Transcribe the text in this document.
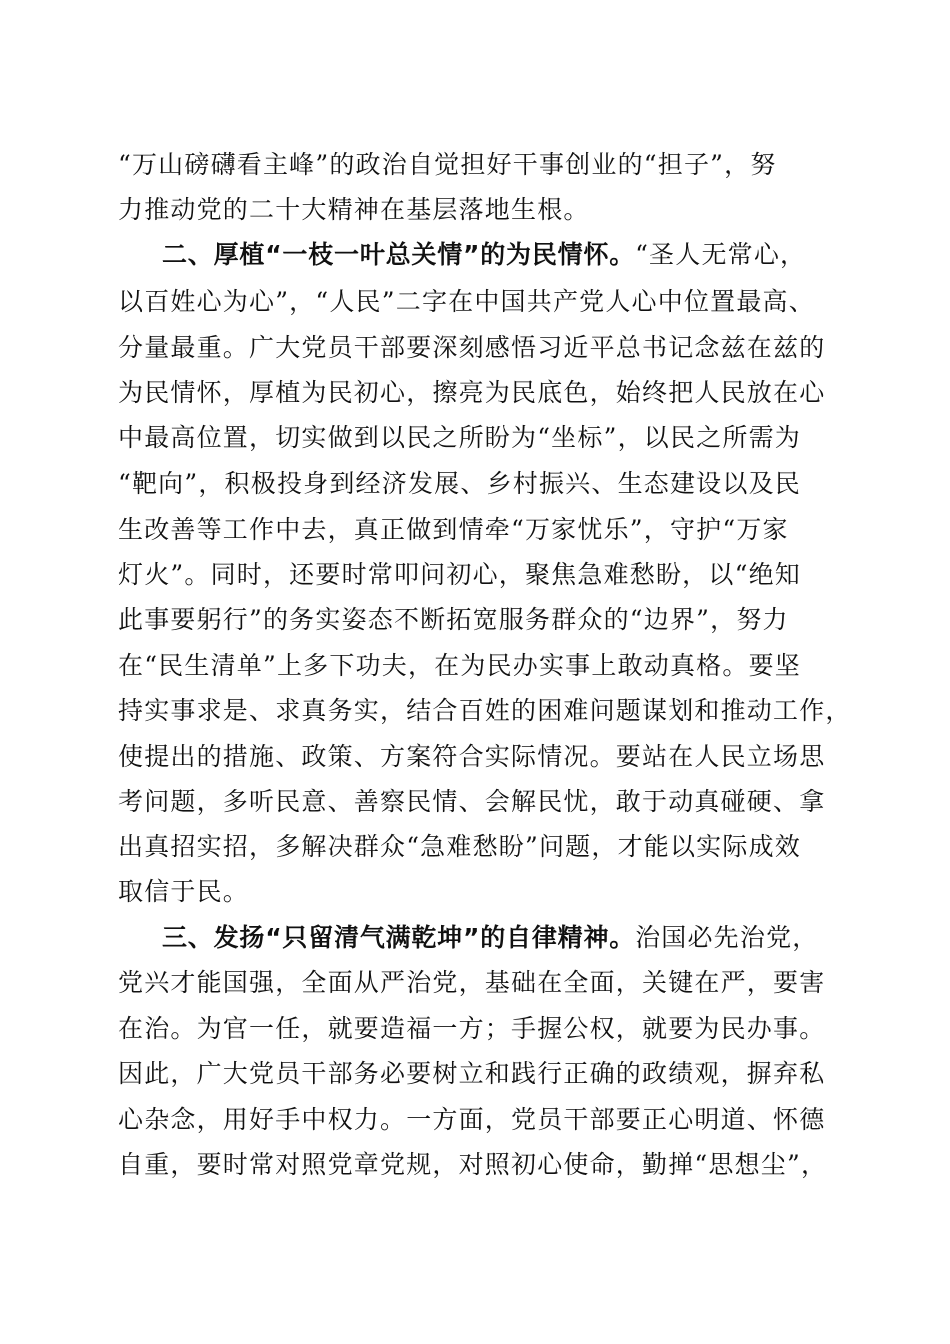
“万山磅礴看主峰”的政治自觉担好干事创业的“担子”，努
力推动党的二十大精神在基层落地生根。
二、厚植“一枝一叶总关情”的为民情怀。“圣人无常心，
以百姓心为心”，“人民”二字在中国共产党人心中位置最高、
分量最重。广大党员干部要深刻感悟习近平总书记念兹在兹的
为民情怀，厚植为民初心，擦亮为民底色，始终把人民放在心
中最高位置，切实做到以民之所盼为“坐标”，以民之所需为
“靶向”，积极投身到经济发展、乡村振兴、生态建设以及民
生改善等工作中去，真正做到情牵“万家忧乐”，守护“万家
灯火”。同时，还要时常叩问初心，聚焦急难愁盼，以“绝知
此事要躬行”的务实姿态不断拓宽服务群众的“边界”，努力
在“民生清单”上多下功夫，在为民办实事上敢动真格。要坚
持实事求是、求真务实，结合百姓的困难问题谋划和推动工作，
使提出的措施、政策、方案符合实际情况。要站在人民立场思
考问题，多听民意、善察民情、会解民忧，敢于动真碰硬、拿
出真招实招，多解决群众“急难愁盼”问题，才能以实际成效
取信于民。
三、发扬“只留清气满乾坤”的自律精神。治国必先治党，
党兴才能国强，全面从严治党，基础在全面，关键在严，要害
在治。为官一任，就要造福一方；手握公权，就要为民办事。
因此，广大党员干部务必要树立和践行正确的政绩观，摒弃私
心杂念，用好手中权力。一方面，党员干部要正心明道、怀德
自重，要时常对照党章党规，对照初心使命，勤掸“思想尘”，
